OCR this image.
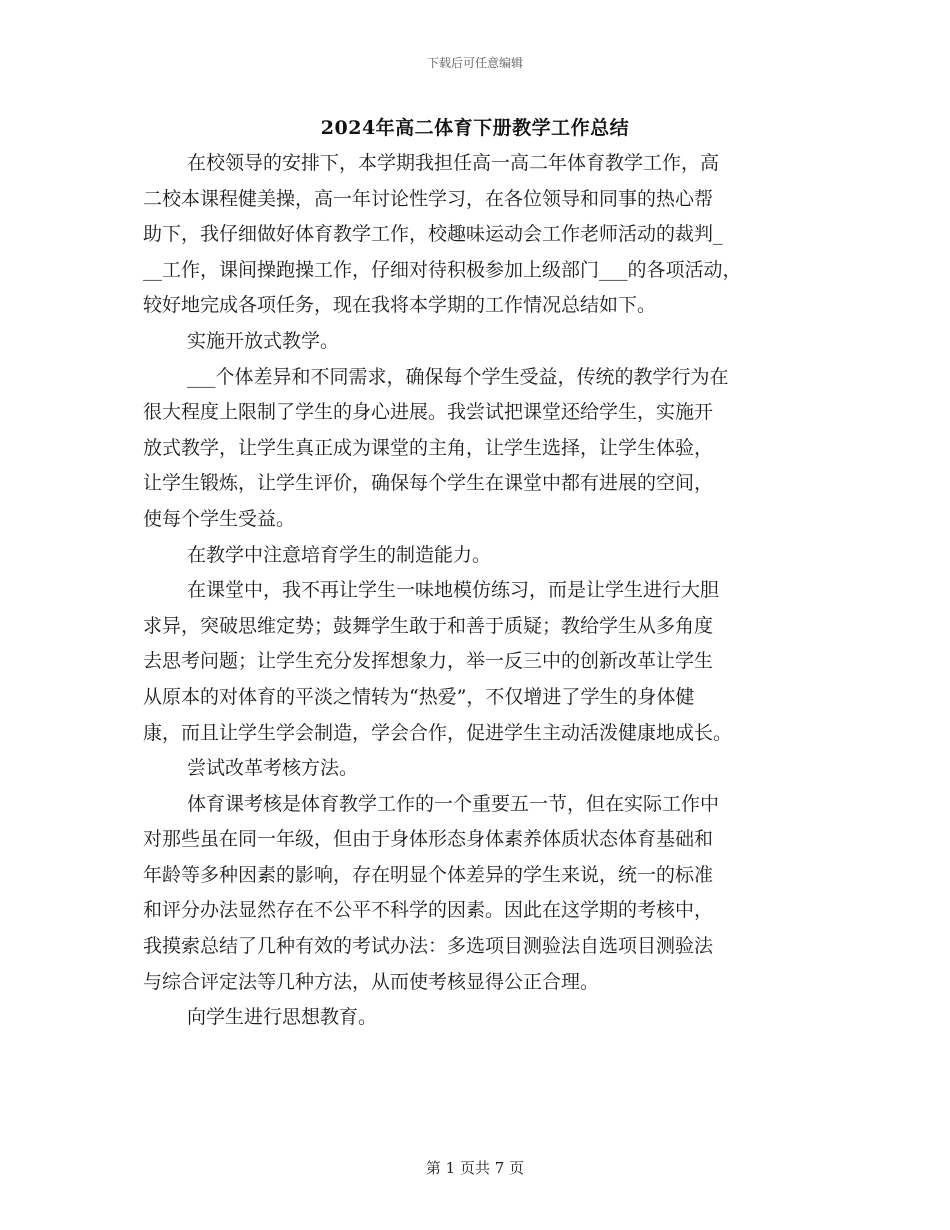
下载后可任意编辑
2024年高二体育下册教学工作总结
在校领导的安排下，本学期我担任高一高二年体育教学工作，高
二校本课程健美操，高一年讨论性学习，在各位领导和同事的热心帮
助下，我仔细做好体育教学工作，校趣味运动会工作老师活动的裁判_
__工作，课间操跑操工作，仔细对待积极参加上级部门___的各项活动，
较好地完成各项任务，现在我将本学期的工作情况总结如下。
实施开放式教学。
___个体差异和不同需求，确保每个学生受益，传统的教学行为在
很大程度上限制了学生的身心进展。我尝试把课堂还给学生，实施开
放式教学，让学生真正成为课堂的主角，让学生选择，让学生体验，
让学生锻炼，让学生评价，确保每个学生在课堂中都有进展的空间，
使每个学生受益。
在教学中注意培育学生的制造能力。
在课堂中，我不再让学生一味地模仿练习，而是让学生进行大胆
求异，突破思维定势；鼓舞学生敢于和善于质疑；教给学生从多角度
去思考问题；让学生充分发挥想象力，举一反三中的创新改革让学生
从原本的对体育的平淡之情转为“热爱”，不仅增进了学生的身体健
康，而且让学生学会制造，学会合作，促进学生主动活泼健康地成长。
尝试改革考核方法。
体育课考核是体育教学工作的一个重要五一节，但在实际工作中
对那些虽在同一年级，但由于身体形态身体素养体质状态体育基础和
年龄等多种因素的影响，存在明显个体差异的学生来说，统一的标准
和评分办法显然存在不公平不科学的因素。因此在这学期的考核中，
我摸索总结了几种有效的考试办法：多选项目测验法自选项目测验法
与综合评定法等几种方法，从而使考核显得公正合理。
向学生进行思想教育。
第 1 页共 7 页
